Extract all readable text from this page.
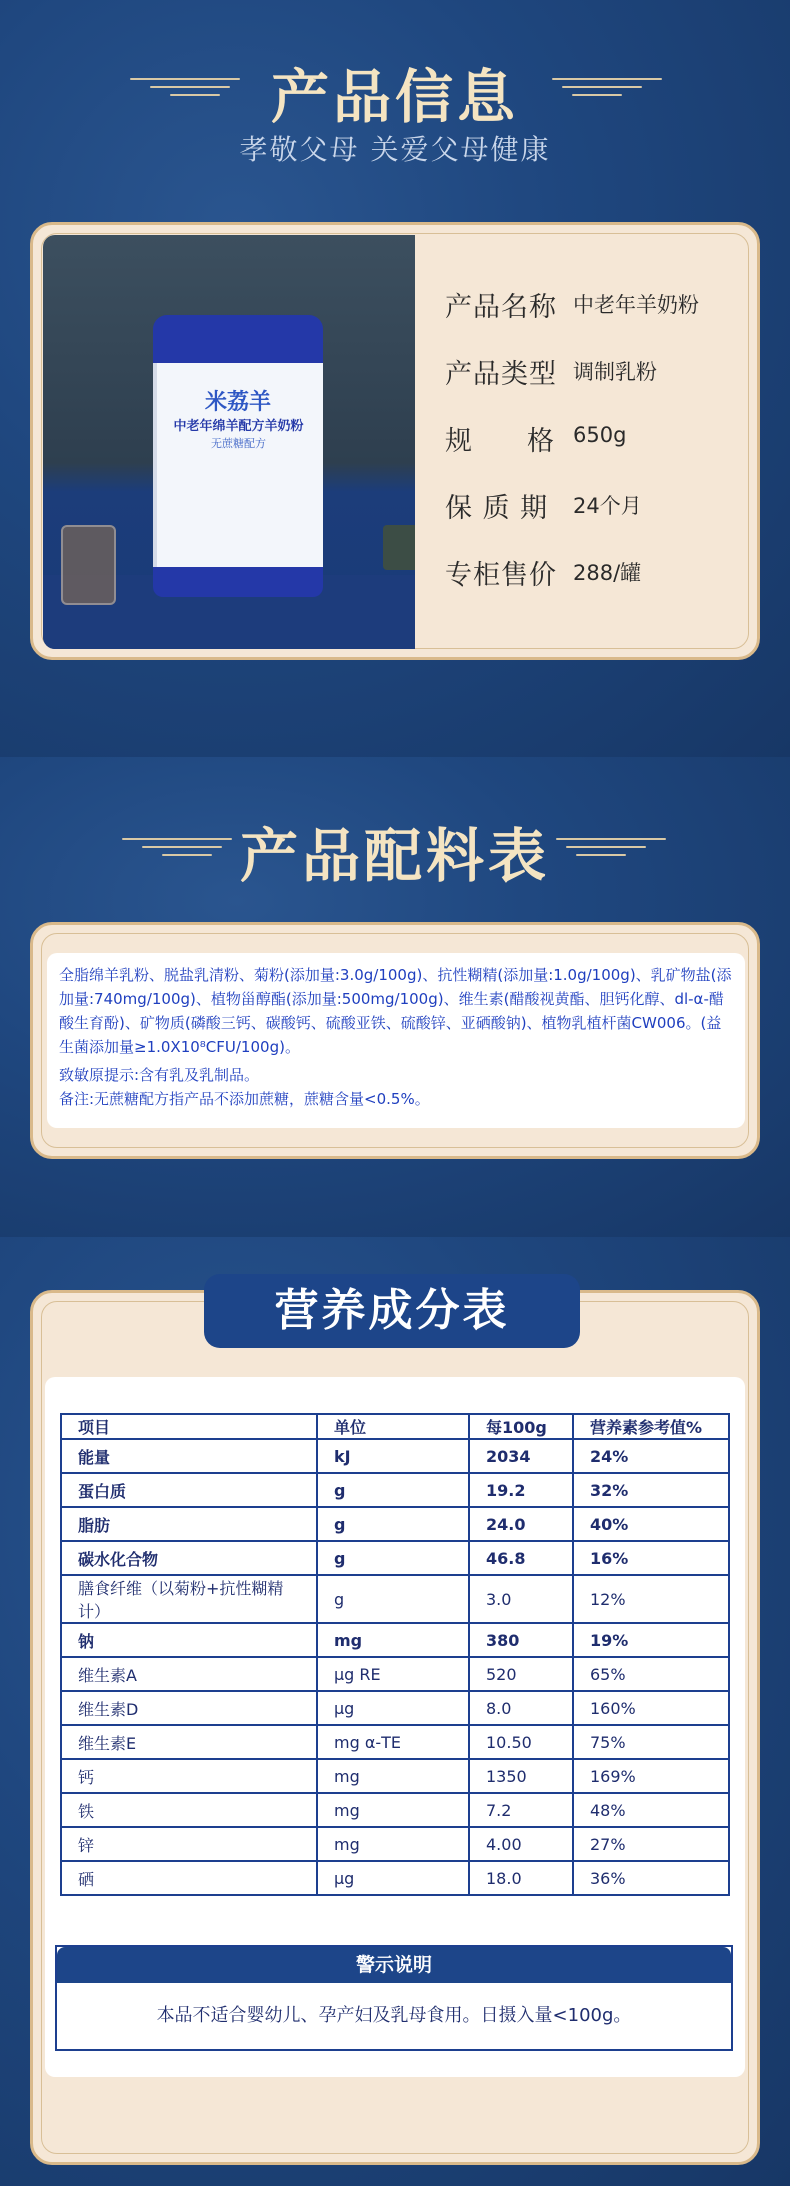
产品信息
孝敬父母 关爱父母健康
米荔羊
中老年绵羊配方羊奶粉
无蔗糖配方
产品名称 中老年羊奶粉
产品类型 调制乳粉
规　格 650g
保 质 期 24个月
专柜售价 288/罐
产品配料表
全脂绵羊乳粉、脱盐乳清粉、菊粉(添加量:3.0g/100g)、抗性糊精(添加量:1.0g/100g)、乳矿物盐(添加量:740mg/100g)、植物甾醇酯(添加量:500mg/100g)、维生素(醋酸视黄酯、胆钙化醇、dl-α-醋酸生育酚)、矿物质(磷酸三钙、碳酸钙、硫酸亚铁、硫酸锌、亚硒酸钠)、植物乳植杆菌CW006。(益生菌添加量≥1.0X10⁸CFU/100g)。
致敏原提示:含有乳及乳制品。
备注:无蔗糖配方指产品不添加蔗糖，蔗糖含量<0.5%。
项目	单位	每100g	营养素参考值%
能量	kJ	2034	24%
蛋白质	g	19.2	32%
脂肪	g	24.0	40%
碳水化合物	g	46.8	16%
膳食纤维（以菊粉+抗性糊精计）	g	3.0	12%
钠	mg	380	19%
维生素A	μg RE	520	65%
维生素D	μg	8.0	160%
维生素E	mg α-TE	10.50	75%
钙	mg	1350	169%
铁	mg	7.2	48%
锌	mg	4.00	27%
硒	μg	18.0	36%
警示说明
本品不适合婴幼儿、孕产妇及乳母食用。日摄入量<100g。
营养成分表
